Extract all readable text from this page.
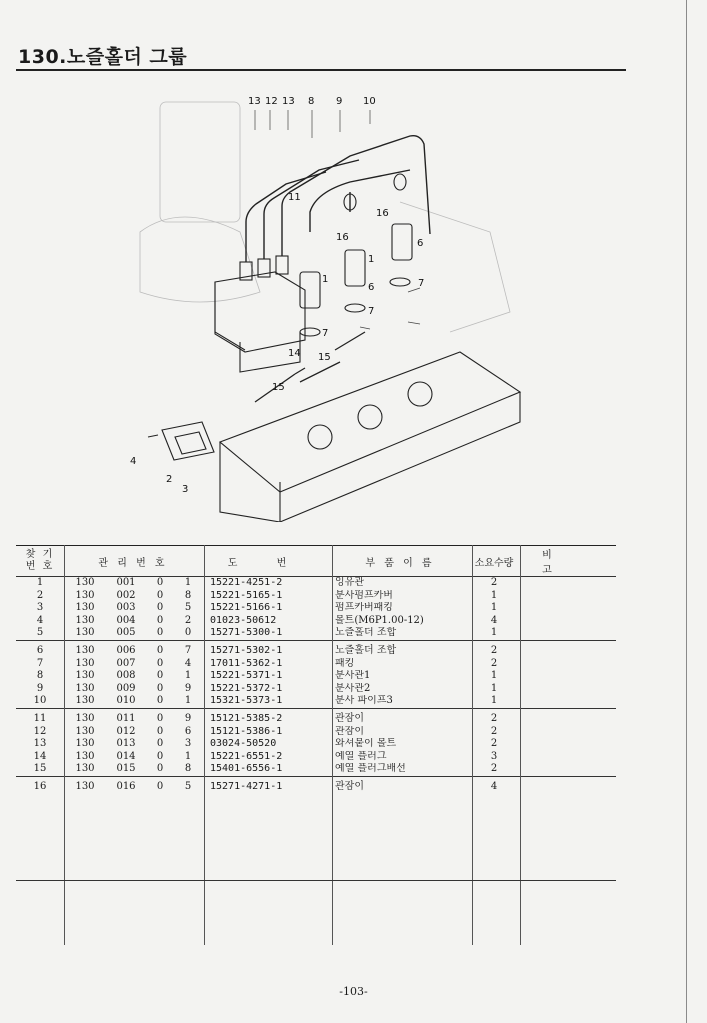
130.노즐홀더 그룹
13 12 13 8 9 10
11
16
6
7
16
1
6
7
1
7
14 15
15
4
2
3
찾 기
번 호	관 리 번 호				도 번	부 품 이 름	소요수량	비 고
1	130	001	0	1	15221-4251-2	잉유관	2	
2	130	002	0	8	15221-5165-1	분사펌프카버	1	
3	130	003	0	5	15221-5166-1	펌프카버패킹	1	
4	130	004	0	2	01023-50612	볼트(M6P1.00-12)	4	
5	130	005	0	0	15271-5300-1	노즐홀더 조합	1	
6	130	006	0	7	15271-5302-1	노즐홀더 조합	2	
7	130	007	0	4	17011-5362-1	패킹	2	
8	130	008	0	1	15221-5371-1	분사관1	1	
9	130	009	0	9	15221-5372-1	분사관2	1	
10	130	010	0	1	15321-5373-1	분사 파이프3	1	
11	130	011	0	9	15121-5385-2	관잠이	2	
12	130	012	0	6	15121-5386-1	관잠이	2	
13	130	013	0	3	03024-50520	와셔붙이 볼트	2	
14	130	014	0	1	15221-6551-2	예열 플러그	3	
15	130	015	0	8	15401-6556-1	예열 플러그배선	2	
16	130	016	0	5	15271-4271-1	관잠이	4	
-103-
